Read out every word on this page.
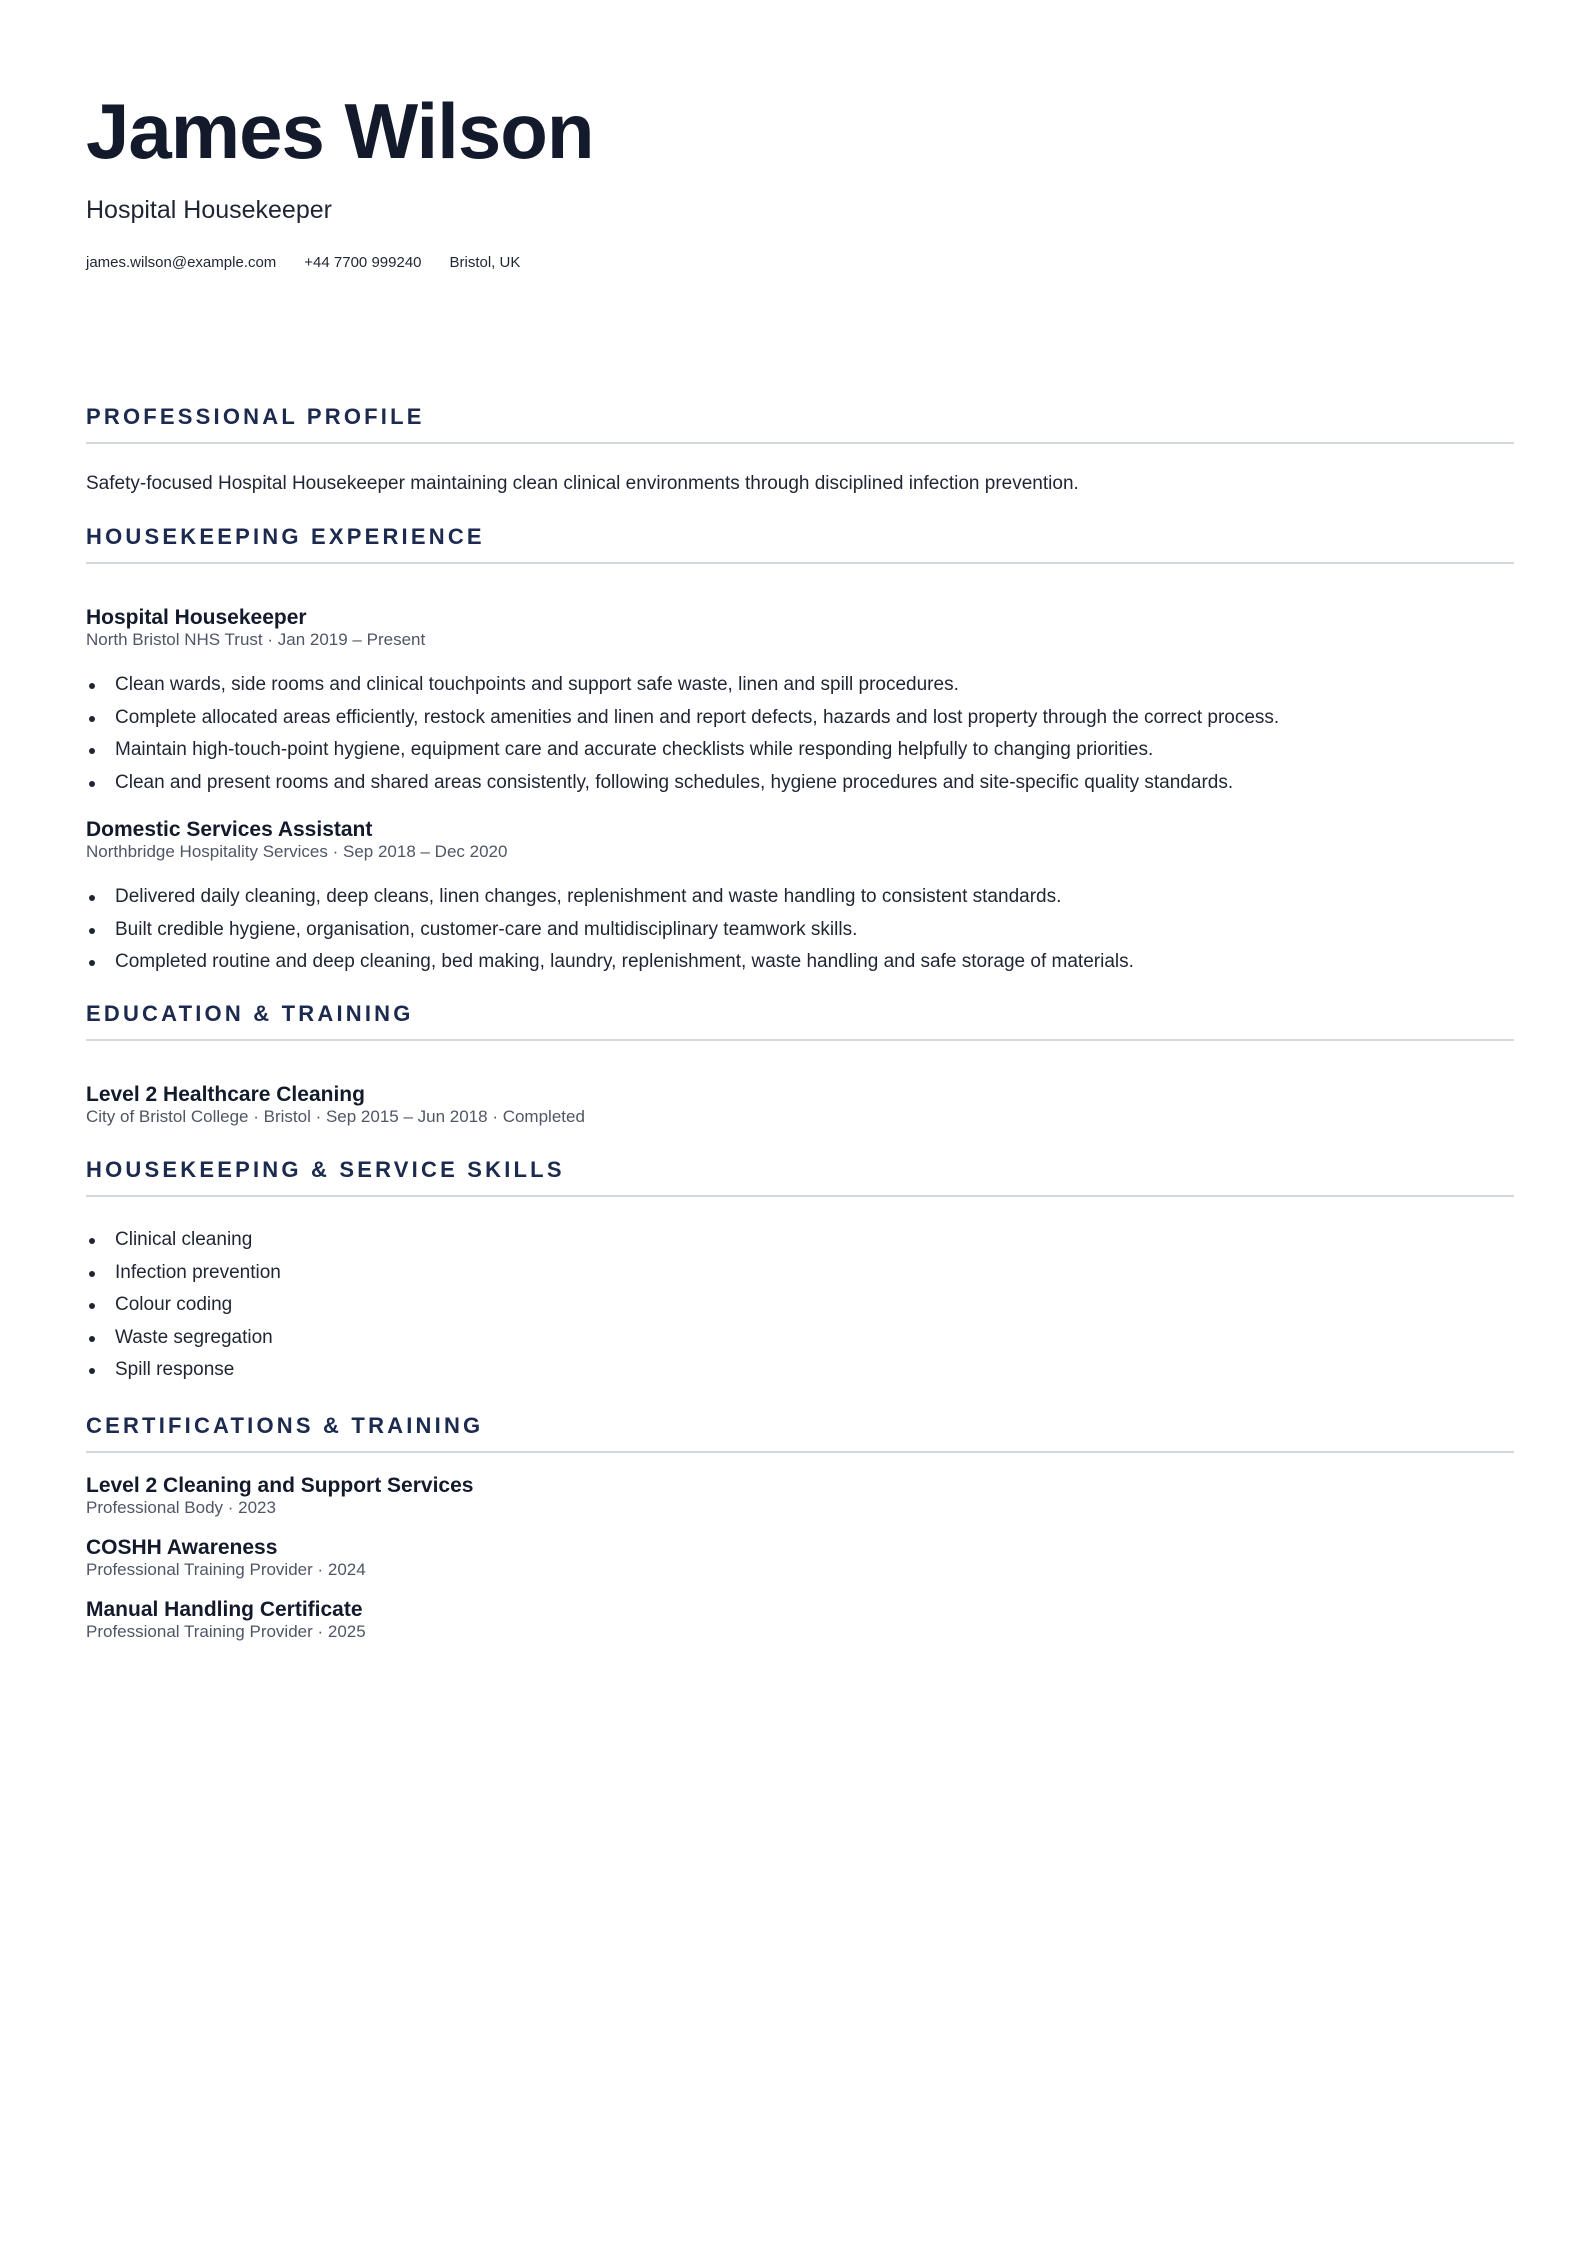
James Wilson
Hospital Housekeeper
james.wilson@example.com +44 7700 999240 Bristol, UK
PROFESSIONAL PROFILE
Safety-focused Hospital Housekeeper maintaining clean clinical environments through disciplined infection prevention.
HOUSEKEEPING EXPERIENCE
Hospital Housekeeper
North Bristol NHS Trust · Jan 2019 – Present
Clean wards, side rooms and clinical touchpoints and support safe waste, linen and spill procedures.
Complete allocated areas efficiently, restock amenities and linen and report defects, hazards and lost property through the correct process.
Maintain high-touch-point hygiene, equipment care and accurate checklists while responding helpfully to changing priorities.
Clean and present rooms and shared areas consistently, following schedules, hygiene procedures and site-specific quality standards.
Domestic Services Assistant
Northbridge Hospitality Services · Sep 2018 – Dec 2020
Delivered daily cleaning, deep cleans, linen changes, replenishment and waste handling to consistent standards.
Built credible hygiene, organisation, customer-care and multidisciplinary teamwork skills.
Completed routine and deep cleaning, bed making, laundry, replenishment, waste handling and safe storage of materials.
EDUCATION & TRAINING
Level 2 Healthcare Cleaning
City of Bristol College · Bristol · Sep 2015 – Jun 2018 · Completed
HOUSEKEEPING & SERVICE SKILLS
Clinical cleaning
Infection prevention
Colour coding
Waste segregation
Spill response
CERTIFICATIONS & TRAINING
Level 2 Cleaning and Support Services
Professional Body · 2023
COSHH Awareness
Professional Training Provider · 2024
Manual Handling Certificate
Professional Training Provider · 2025
